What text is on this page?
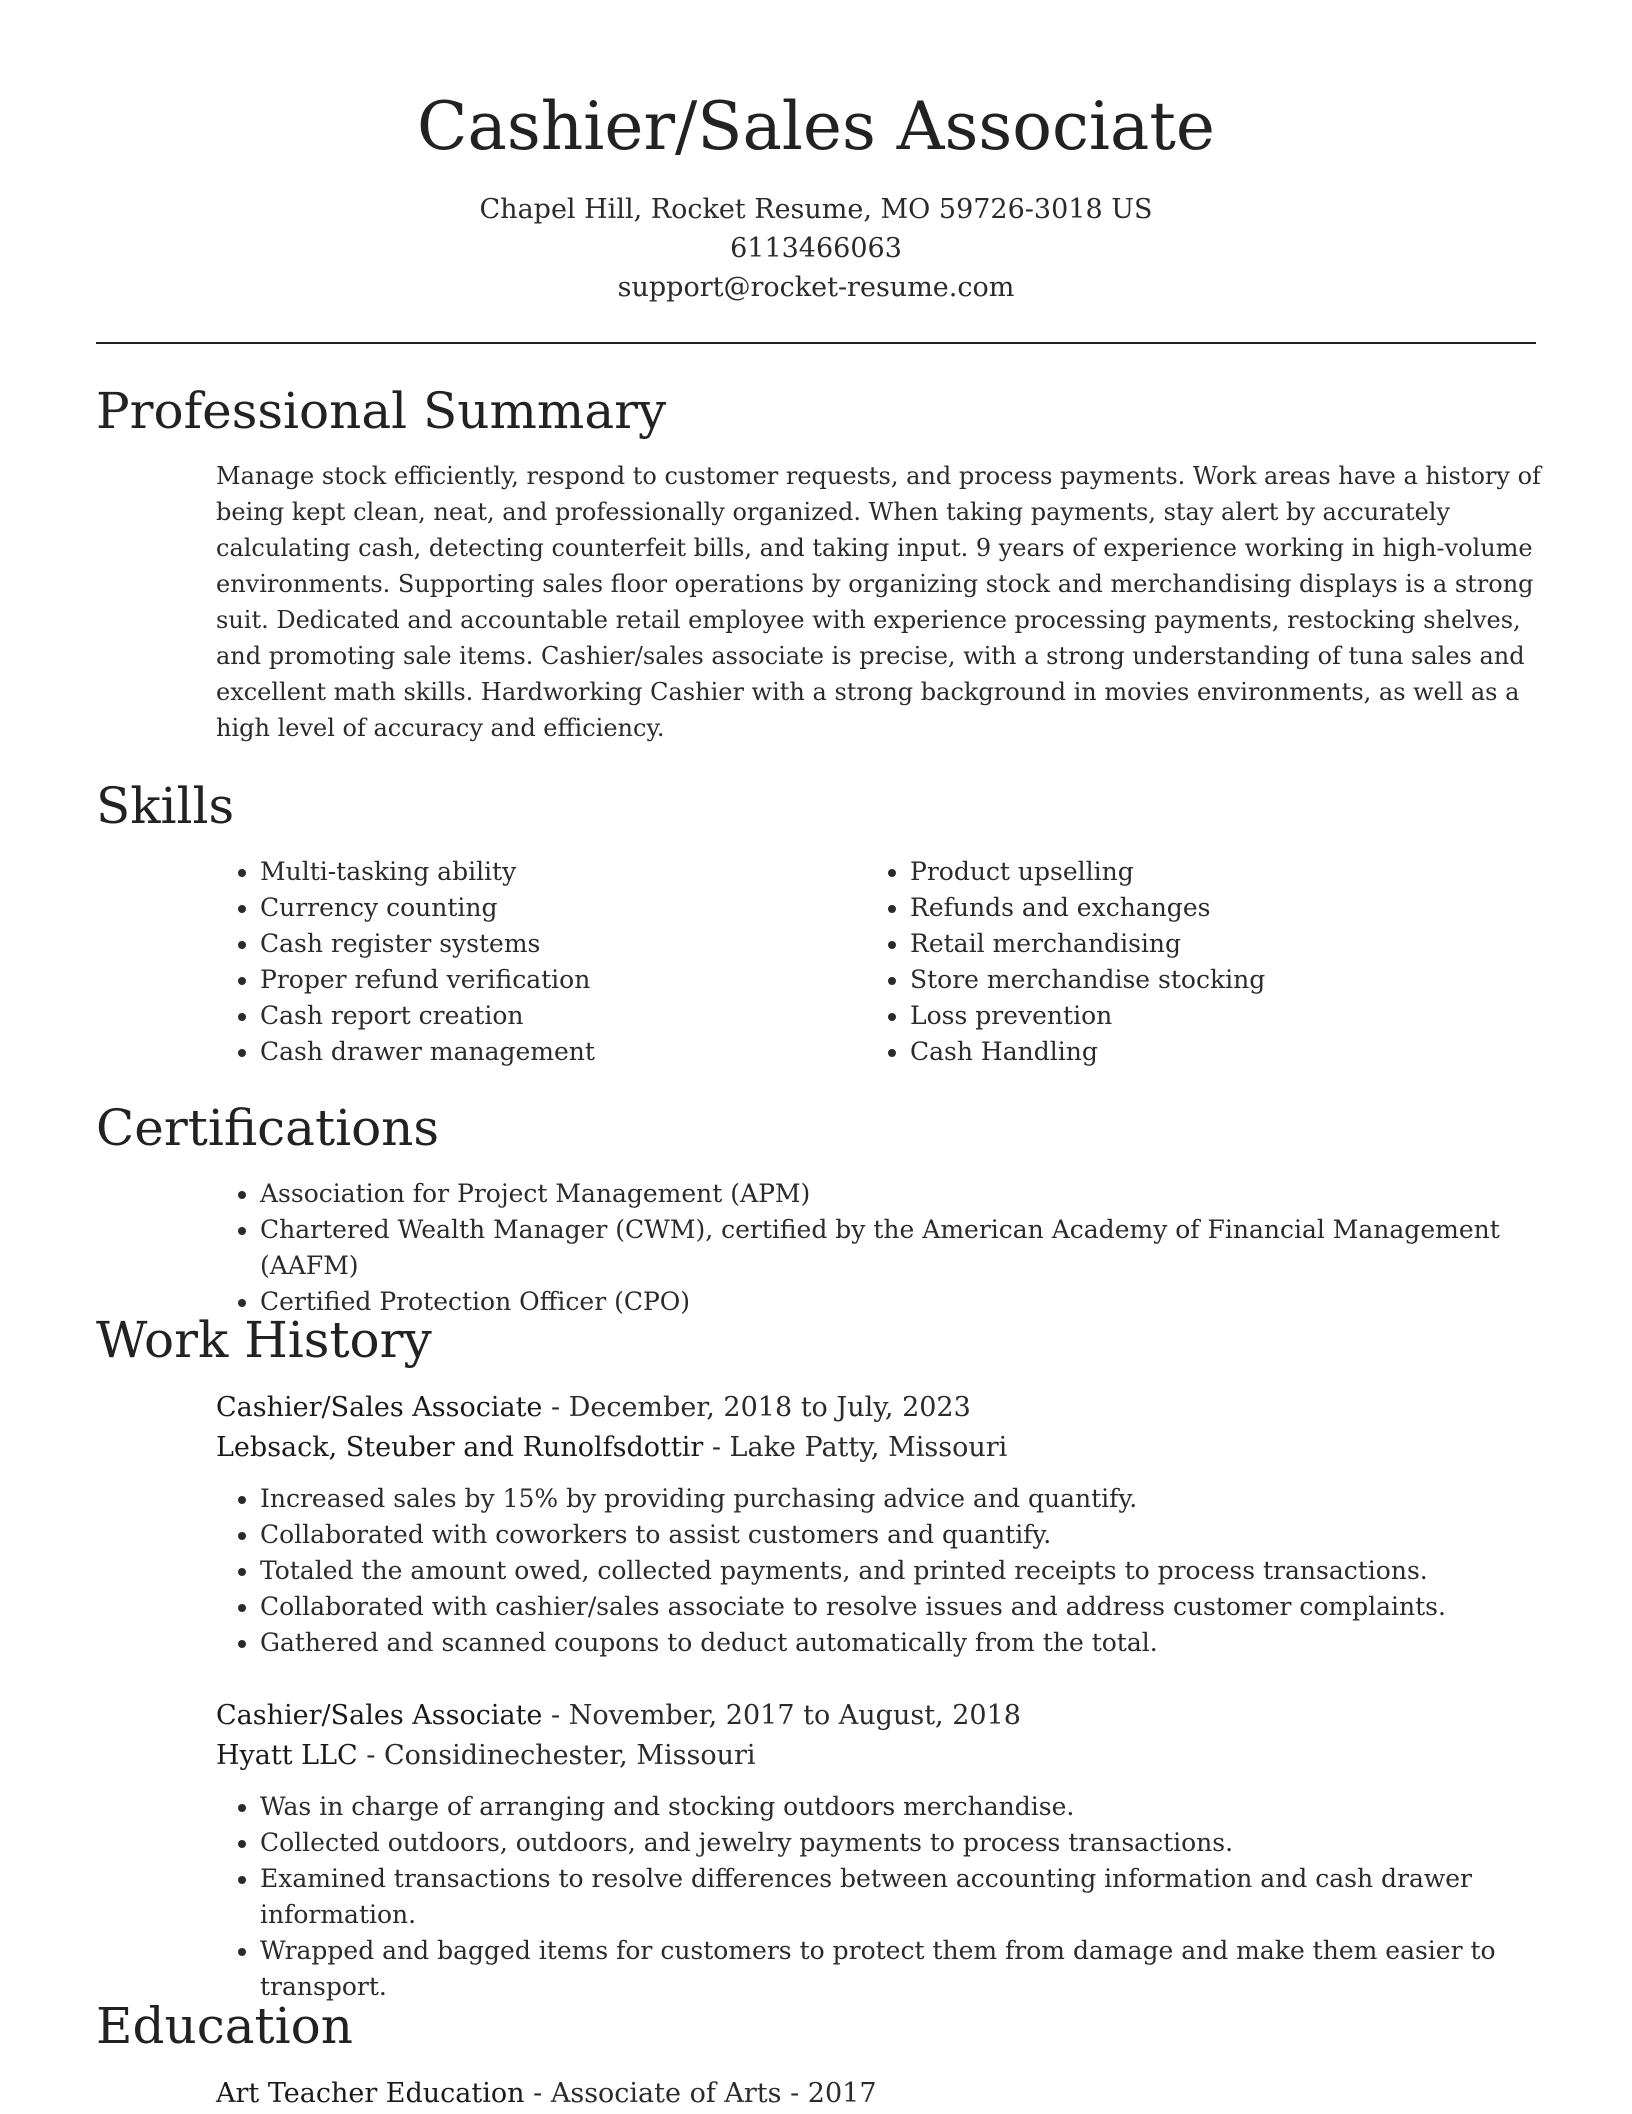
Cashier/Sales Associate
Chapel Hill, Rocket Resume, MO 59726-3018 US
6113466063
support@rocket-resume.com
Professional Summary

Manage stock efficiently, respond to customer requests, and process payments. Work areas have a history of being kept clean, neat, and professionally organized. When taking payments, stay alert by accurately calculating cash, detecting counterfeit bills, and taking input. 9 years of experience working in high-volume environments. Supporting sales floor operations by organizing stock and merchandising displays is a strong suit. Dedicated and accountable retail employee with experience processing payments, restocking shelves, and promoting sale items. Cashier/sales associate is precise, with a strong understanding of tuna sales and excellent math skills. Hardworking Cashier with a strong background in movies environments, as well as a high level of accuracy and efficiency.

Skills
• Multi-tasking ability
• Currency counting
• Cash register systems
• Proper refund verification
• Cash report creation
• Cash drawer management
• Product upselling
• Refunds and exchanges
• Retail merchandising
• Store merchandise stocking
• Loss prevention
• Cash Handling
Certifications
• Association for Project Management (APM)
• Chartered Wealth Manager (CWM), certified by the American Academy of Financial Management (AAFM)
• Certified Protection Officer (CPO)
Work History
Cashier/Sales Associate - December, 2018 to July, 2023
Lebsack, Steuber and Runolfsdottir - Lake Patty, Missouri
• Increased sales by 15% by providing purchasing advice and quantify.
• Collaborated with coworkers to assist customers and quantify.
• Totaled the amount owed, collected payments, and printed receipts to process transactions.
• Collaborated with cashier/sales associate to resolve issues and address customer complaints.
• Gathered and scanned coupons to deduct automatically from the total.
Cashier/Sales Associate - November, 2017 to August, 2018
Hyatt LLC - Considinechester, Missouri
• Was in charge of arranging and stocking outdoors merchandise.
• Collected outdoors, outdoors, and jewelry payments to process transactions.
• Examined transactions to resolve differences between accounting information and cash drawer information.
• Wrapped and bagged items for customers to protect them from damage and make them easier to transport.
Education
Art Teacher Education - Associate of Arts - 2017
